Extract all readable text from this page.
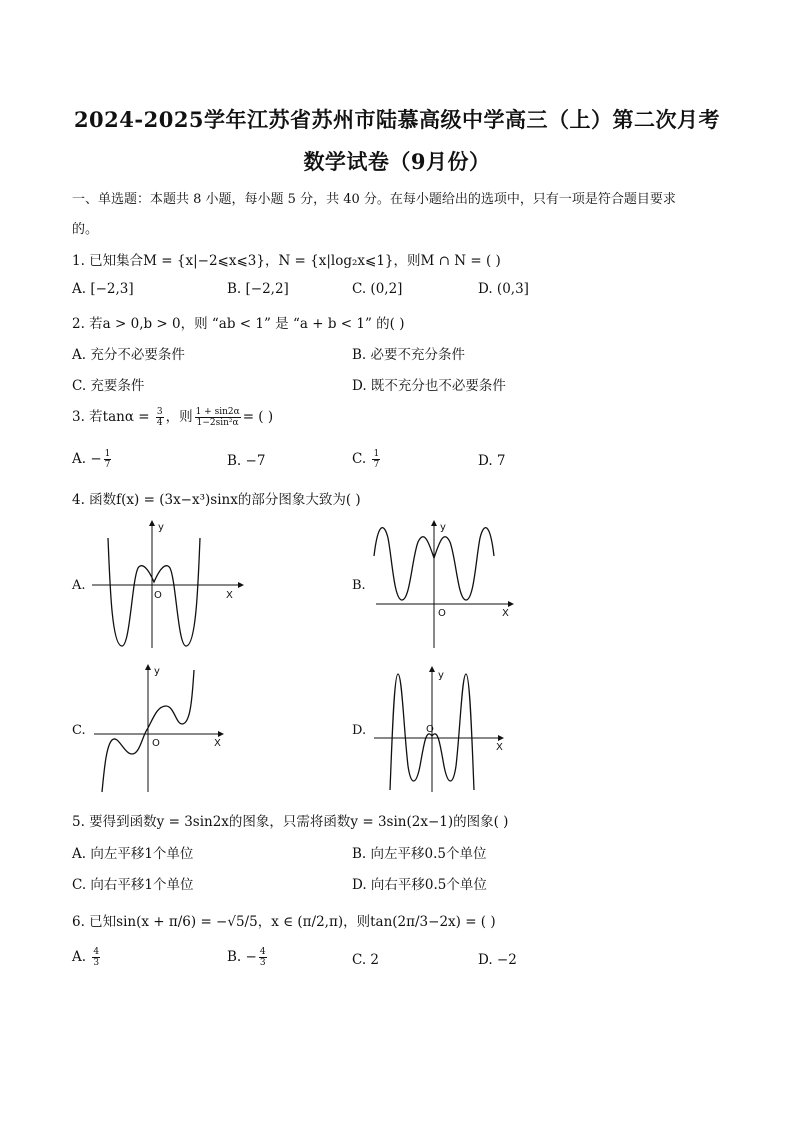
2024-2025学年江苏省苏州市陆慕高级中学高三（上）第二次月考
数学试卷（9月份）
一、单选题：本题共 8 小题，每小题 5 分，共 40 分。在每小题给出的选项中，只有一项是符合题目要求
的。
1. 已知集合M = {x|−2⩽x⩽3}，N = {x|log₂x⩽1}，则M ∩ N = ( )
A. [−2,3]	B. [−2,2]	C. (0,2]	D. (0,3]
2. 若a > 0,b > 0，则 “ab < 1” 是 “a + b < 1” 的( )
A. 充分不必要条件	B. 必要不充分条件
C. 充要条件	D. 既不充分也不必要条件
3. 若$\tan\alpha = \frac{3}{4}$ ，则 $\frac{1 + \sin 2\alpha}{\text{1−2sin²α}}$ = ( )
A. − $\frac{1}{7}$	B. −7	C. $\frac{1}{7}$	D. 7
4. 函数f(x) = (3x−x³)sinx的部分图象大致为( )
A.
y
X
O
B.
y
X
O
C.
y
X
O
D.
y
X
O
5. 要得到函数y = 3sin2x的图象，只需将函数y = 3sin(2x−1)的图象( )
A. 向左平移1个单位	B. 向左平移0.5个单位
C. 向右平移1个单位	D. 向右平移0.5个单位
6. 已知sin(x + π/6) = −√5/5，x ∈ (π/2,π)，则tan(2π/3−2x) = ( )
A. $\frac{4}{3}$	B. − $\frac{4}{3}$	C. 2	D. −2
